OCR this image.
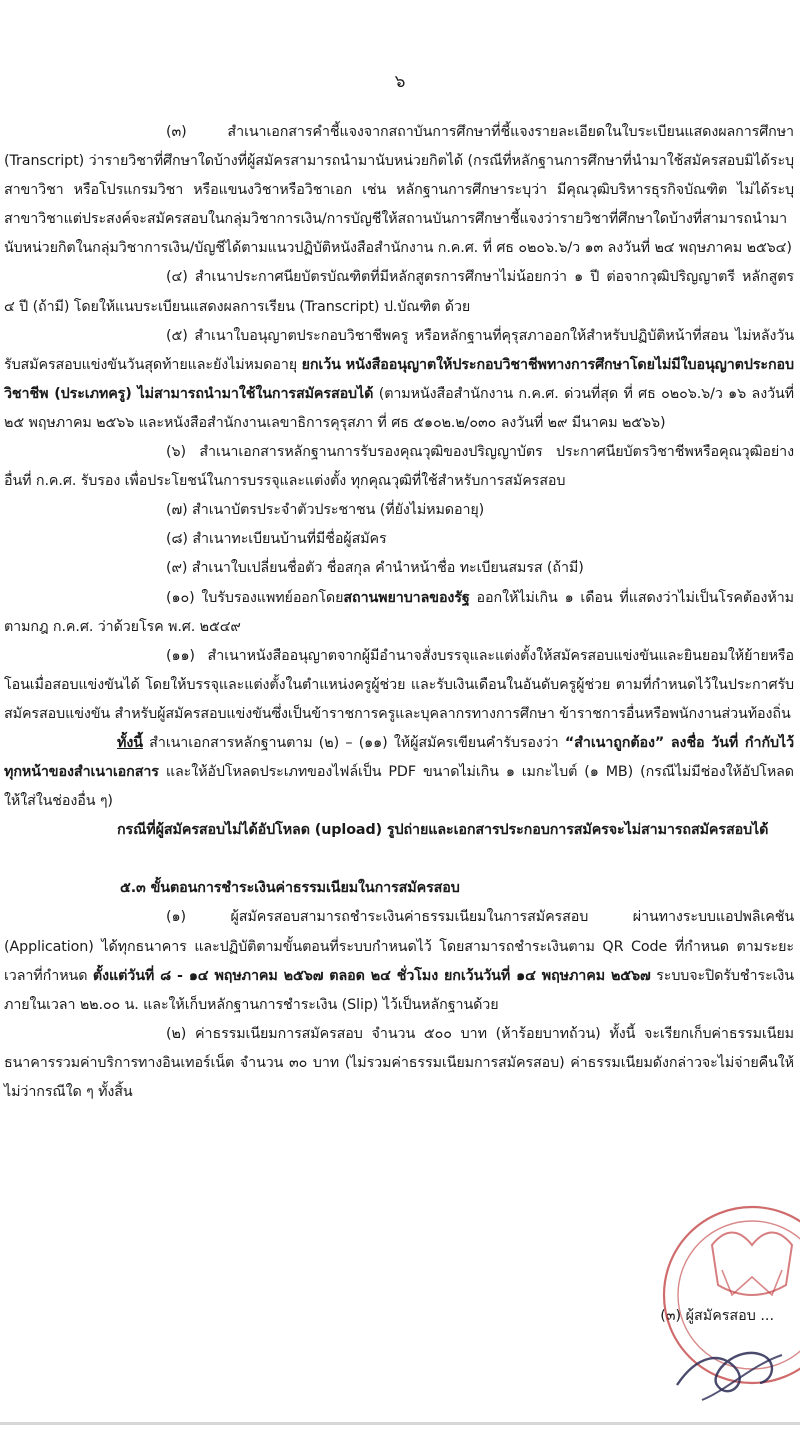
๖

(๓) สำเนาเอกสารคำชี้แจงจากสถาบันการศึกษาที่ชี้แจงรายละเอียดในใบระเบียนแสดงผลการศึกษา (Transcript) ว่ารายวิชาที่ศึกษาใดบ้างที่ผู้สมัครสามารถนำมานับหน่วยกิตได้ (กรณีที่หลักฐานการศึกษาที่นำมาใช้สมัครสอบมิได้ระบุสาขาวิชา หรือโปรแกรมวิชา หรือแขนงวิชาหรือวิชาเอก เช่น หลักฐานการศึกษาระบุว่า มีคุณวุฒิบริหารธุรกิจบัณฑิต ไม่ได้ระบุสาขาวิชาแต่ประสงค์จะสมัครสอบในกลุ่มวิชาการเงิน/การบัญชีให้สถานบันการศึกษาชี้แจงว่ารายวิชาที่ศึกษาใดบ้างที่สามารถนำมานับหน่วยกิตในกลุ่มวิชาการเงิน/บัญชีได้ตามแนวปฏิบัติหนังสือสำนักงาน ก.ค.ศ. ที่ ศธ ๐๒๐๖.๖/ว ๑๓ ลงวันที่ ๒๔ พฤษภาคม ๒๕๖๔)

(๔) สำเนาประกาศนียบัตรบัณฑิตที่มีหลักสูตรการศึกษาไม่น้อยกว่า ๑ ปี ต่อจากวุฒิปริญญาตรี หลักสูตร ๔ ปี (ถ้ามี) โดยให้แนบระเบียนแสดงผลการเรียน (Transcript) ป.บัณฑิต ด้วย

(๕) สำเนาใบอนุญาตประกอบวิชาชีพครู หรือหลักฐานที่คุรุสภาออกให้สำหรับปฏิบัติหน้าที่สอน ไม่หลังวันรับสมัครสอบแข่งขันวันสุดท้ายและยังไม่หมดอายุ ยกเว้น หนังสืออนุญาตให้ประกอบวิชาชีพทางการศึกษาโดยไม่มีใบอนุญาตประกอบวิชาชีพ (ประเภทครู) ไม่สามารถนำมาใช้ในการสมัครสอบได้ (ตามหนังสือสำนักงาน ก.ค.ศ. ด่วนที่สุด ที่ ศธ ๐๒๐๖.๖/ว ๑๖ ลงวันที่ ๒๕ พฤษภาคม ๒๕๖๖ และหนังสือสำนักงานเลขาธิการคุรุสภา ที่ ศธ ๕๑๐๒.๒/๐๓๐ ลงวันที่ ๒๙ มีนาคม ๒๕๖๖)

(๖) สำเนาเอกสารหลักฐานการรับรองคุณวุฒิของปริญญาบัตร ประกาศนียบัตรวิชาชีพหรือคุณวุฒิอย่างอื่นที่ ก.ค.ศ. รับรอง เพื่อประโยชน์ในการบรรจุและแต่งตั้ง ทุกคุณวุฒิที่ใช้สำหรับการสมัครสอบ

(๗) สำเนาบัตรประจำตัวประชาชน (ที่ยังไม่หมดอายุ)

(๘) สำเนาทะเบียนบ้านที่มีชื่อผู้สมัคร

(๙) สำเนาใบเปลี่ยนชื่อตัว ชื่อสกุล คำนำหน้าชื่อ ทะเบียนสมรส (ถ้ามี)

(๑๐) ใบรับรองแพทย์ออกโดยสถานพยาบาลของรัฐ ออกให้ไม่เกิน ๑ เดือน ที่แสดงว่าไม่เป็นโรคต้องห้ามตามกฎ ก.ค.ศ. ว่าด้วยโรค พ.ศ. ๒๕๔๙

(๑๑) สำเนาหนังสืออนุญาตจากผู้มีอำนาจสั่งบรรจุและแต่งตั้งให้สมัครสอบแข่งขันและยินยอมให้ย้ายหรือโอนเมื่อสอบแข่งขันได้ โดยให้บรรจุและแต่งตั้งในตำแหน่งครูผู้ช่วย และรับเงินเดือนในอันดับครูผู้ช่วย ตามที่กำหนดไว้ในประกาศรับสมัครสอบแข่งขัน สำหรับผู้สมัครสอบแข่งขันซึ่งเป็นข้าราชการครูและบุคลากรทางการศึกษา ข้าราชการอื่นหรือพนักงานส่วนท้องถิ่น

ทั้งนี้ สำเนาเอกสารหลักฐานตาม (๒) – (๑๑) ให้ผู้สมัครเขียนคำรับรองว่า “สำเนาถูกต้อง” ลงชื่อ วันที่ กำกับไว้ทุกหน้าของสำเนาเอกสาร และให้อัปโหลดประเภทของไฟล์เป็น PDF ขนาดไม่เกิน ๑ เมกะไบต์ (๑ MB) (กรณีไม่มีช่องให้อัปโหลด ให้ใส่ในช่องอื่น ๆ)

กรณีที่ผู้สมัครสอบไม่ได้อัปโหลด (upload) รูปถ่ายและเอกสารประกอบการสมัครจะไม่สามารถสมัครสอบได้

๕.๓ ขั้นตอนการชำระเงินค่าธรรมเนียมในการสมัครสอบ

(๑) ผู้สมัครสอบสามารถชำระเงินค่าธรรมเนียมในการสมัครสอบ ผ่านทางระบบแอปพลิเคชัน (Application) ได้ทุกธนาคาร และปฏิบัติตามขั้นตอนที่ระบบกำหนดไว้ โดยสามารถชำระเงินตาม QR Code ที่กำหนด ตามระยะเวลาที่กำหนด ตั้งแต่วันที่ ๘ - ๑๔ พฤษภาคม ๒๕๖๗ ตลอด ๒๔ ชั่วโมง ยกเว้นวันที่ ๑๔ พฤษภาคม ๒๕๖๗ ระบบจะปิดรับชำระเงินภายในเวลา ๒๒.๐๐ น. และให้เก็บหลักฐานการชำระเงิน (Slip) ไว้เป็นหลักฐานด้วย

(๒) ค่าธรรมเนียมการสมัครสอบ จำนวน ๕๐๐ บาท (ห้าร้อยบาทถ้วน) ทั้งนี้ จะเรียกเก็บค่าธรรมเนียมธนาคารรวมค่าบริการทางอินเทอร์เน็ต จำนวน ๓๐ บาท (ไม่รวมค่าธรรมเนียมการสมัครสอบ) ค่าธรรมเนียมดังกล่าวจะไม่จ่ายคืนให้ไม่ว่ากรณีใด ๆ ทั้งสิ้น

(๓) ผู้สมัครสอบ ...
